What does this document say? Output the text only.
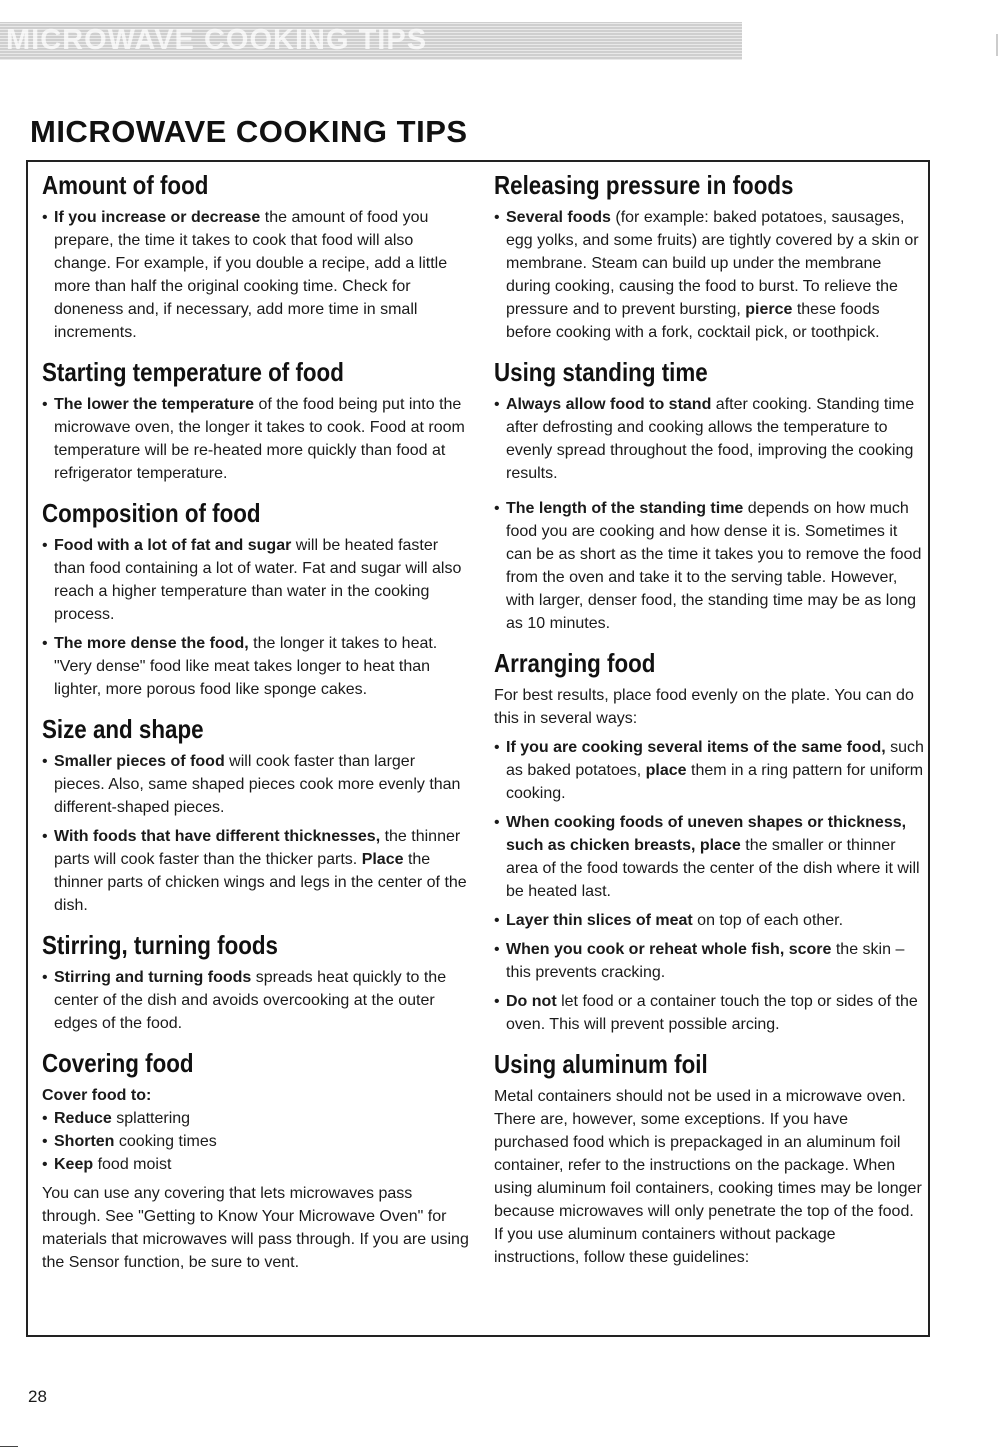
MICROWAVE COOKING TIPS
MICROWAVE COOKING TIPS
Amount of food

• If you increase or decrease the amount of food you prepare, the time it takes to cook that food will also change. For example, if you double a recipe, add a little more than half the original cooking time. Check for doneness and, if necessary, add more time in small increments.

Starting temperature of food

• The lower the temperature of the food being put into the microwave oven, the longer it takes to cook. Food at room temperature will be re-heated more quickly than food at refrigerator temperature.

Composition of food

• Food with a lot of fat and sugar will be heated faster than food containing a lot of water. Fat and sugar will also reach a higher temperature than water in the cooking process.

• The more dense the food, the longer it takes to heat. "Very dense" food like meat takes longer to heat than lighter, more porous food like sponge cakes.

Size and shape

• Smaller pieces of food will cook faster than larger pieces. Also, same shaped pieces cook more evenly than different-shaped pieces.

• With foods that have different thicknesses, the thinner parts will cook faster than the thicker parts. Place the thinner parts of chicken wings and legs in the center of the dish.

Stirring, turning foods

• Stirring and turning foods spreads heat quickly to the center of the dish and avoids overcooking at the outer edges of the food.

Covering food

Cover food to:

• Reduce splattering

• Shorten cooking times

• Keep food moist

You can use any covering that lets microwaves pass through. See "Getting to Know Your Microwave Oven" for materials that microwaves will pass through. If you are using the Sensor function, be sure to vent.

Releasing pressure in foods

• Several foods (for example: baked potatoes, sausages, egg yolks, and some fruits) are tightly covered by a skin or membrane. Steam can build up under the membrane during cooking, causing the food to burst. To relieve the pressure and to prevent bursting, pierce these foods before cooking with a fork, cocktail pick, or toothpick.

Using standing time

• Always allow food to stand after cooking. Standing time after defrosting and cooking allows the temperature to evenly spread throughout the food, improving the cooking results.

• The length of the standing time depends on how much food you are cooking and how dense it is. Sometimes it can be as short as the time it takes you to remove the food from the oven and take it to the serving table. However, with larger, denser food, the standing time may be as long as 10 minutes.

Arranging food

For best results, place food evenly on the plate. You can do this in several ways:

• If you are cooking several items of the same food, such as baked potatoes, place them in a ring pattern for uniform cooking.

• When cooking foods of uneven shapes or thickness, such as chicken breasts, place the smaller or thinner area of the food towards the center of the dish where it will be heated last.

• Layer thin slices of meat on top of each other.

• When you cook or reheat whole fish, score the skin – this prevents cracking.

• Do not let food or a container touch the top or sides of the oven. This will prevent possible arcing.

Using aluminum foil

Metal containers should not be used in a microwave oven. There are, however, some exceptions. If you have purchased food which is prepackaged in an aluminum foil container, refer to the instructions on the package. When using aluminum foil containers, cooking times may be longer because microwaves will only penetrate the top of the food. If you use aluminum containers without package instructions, follow these guidelines:

28
